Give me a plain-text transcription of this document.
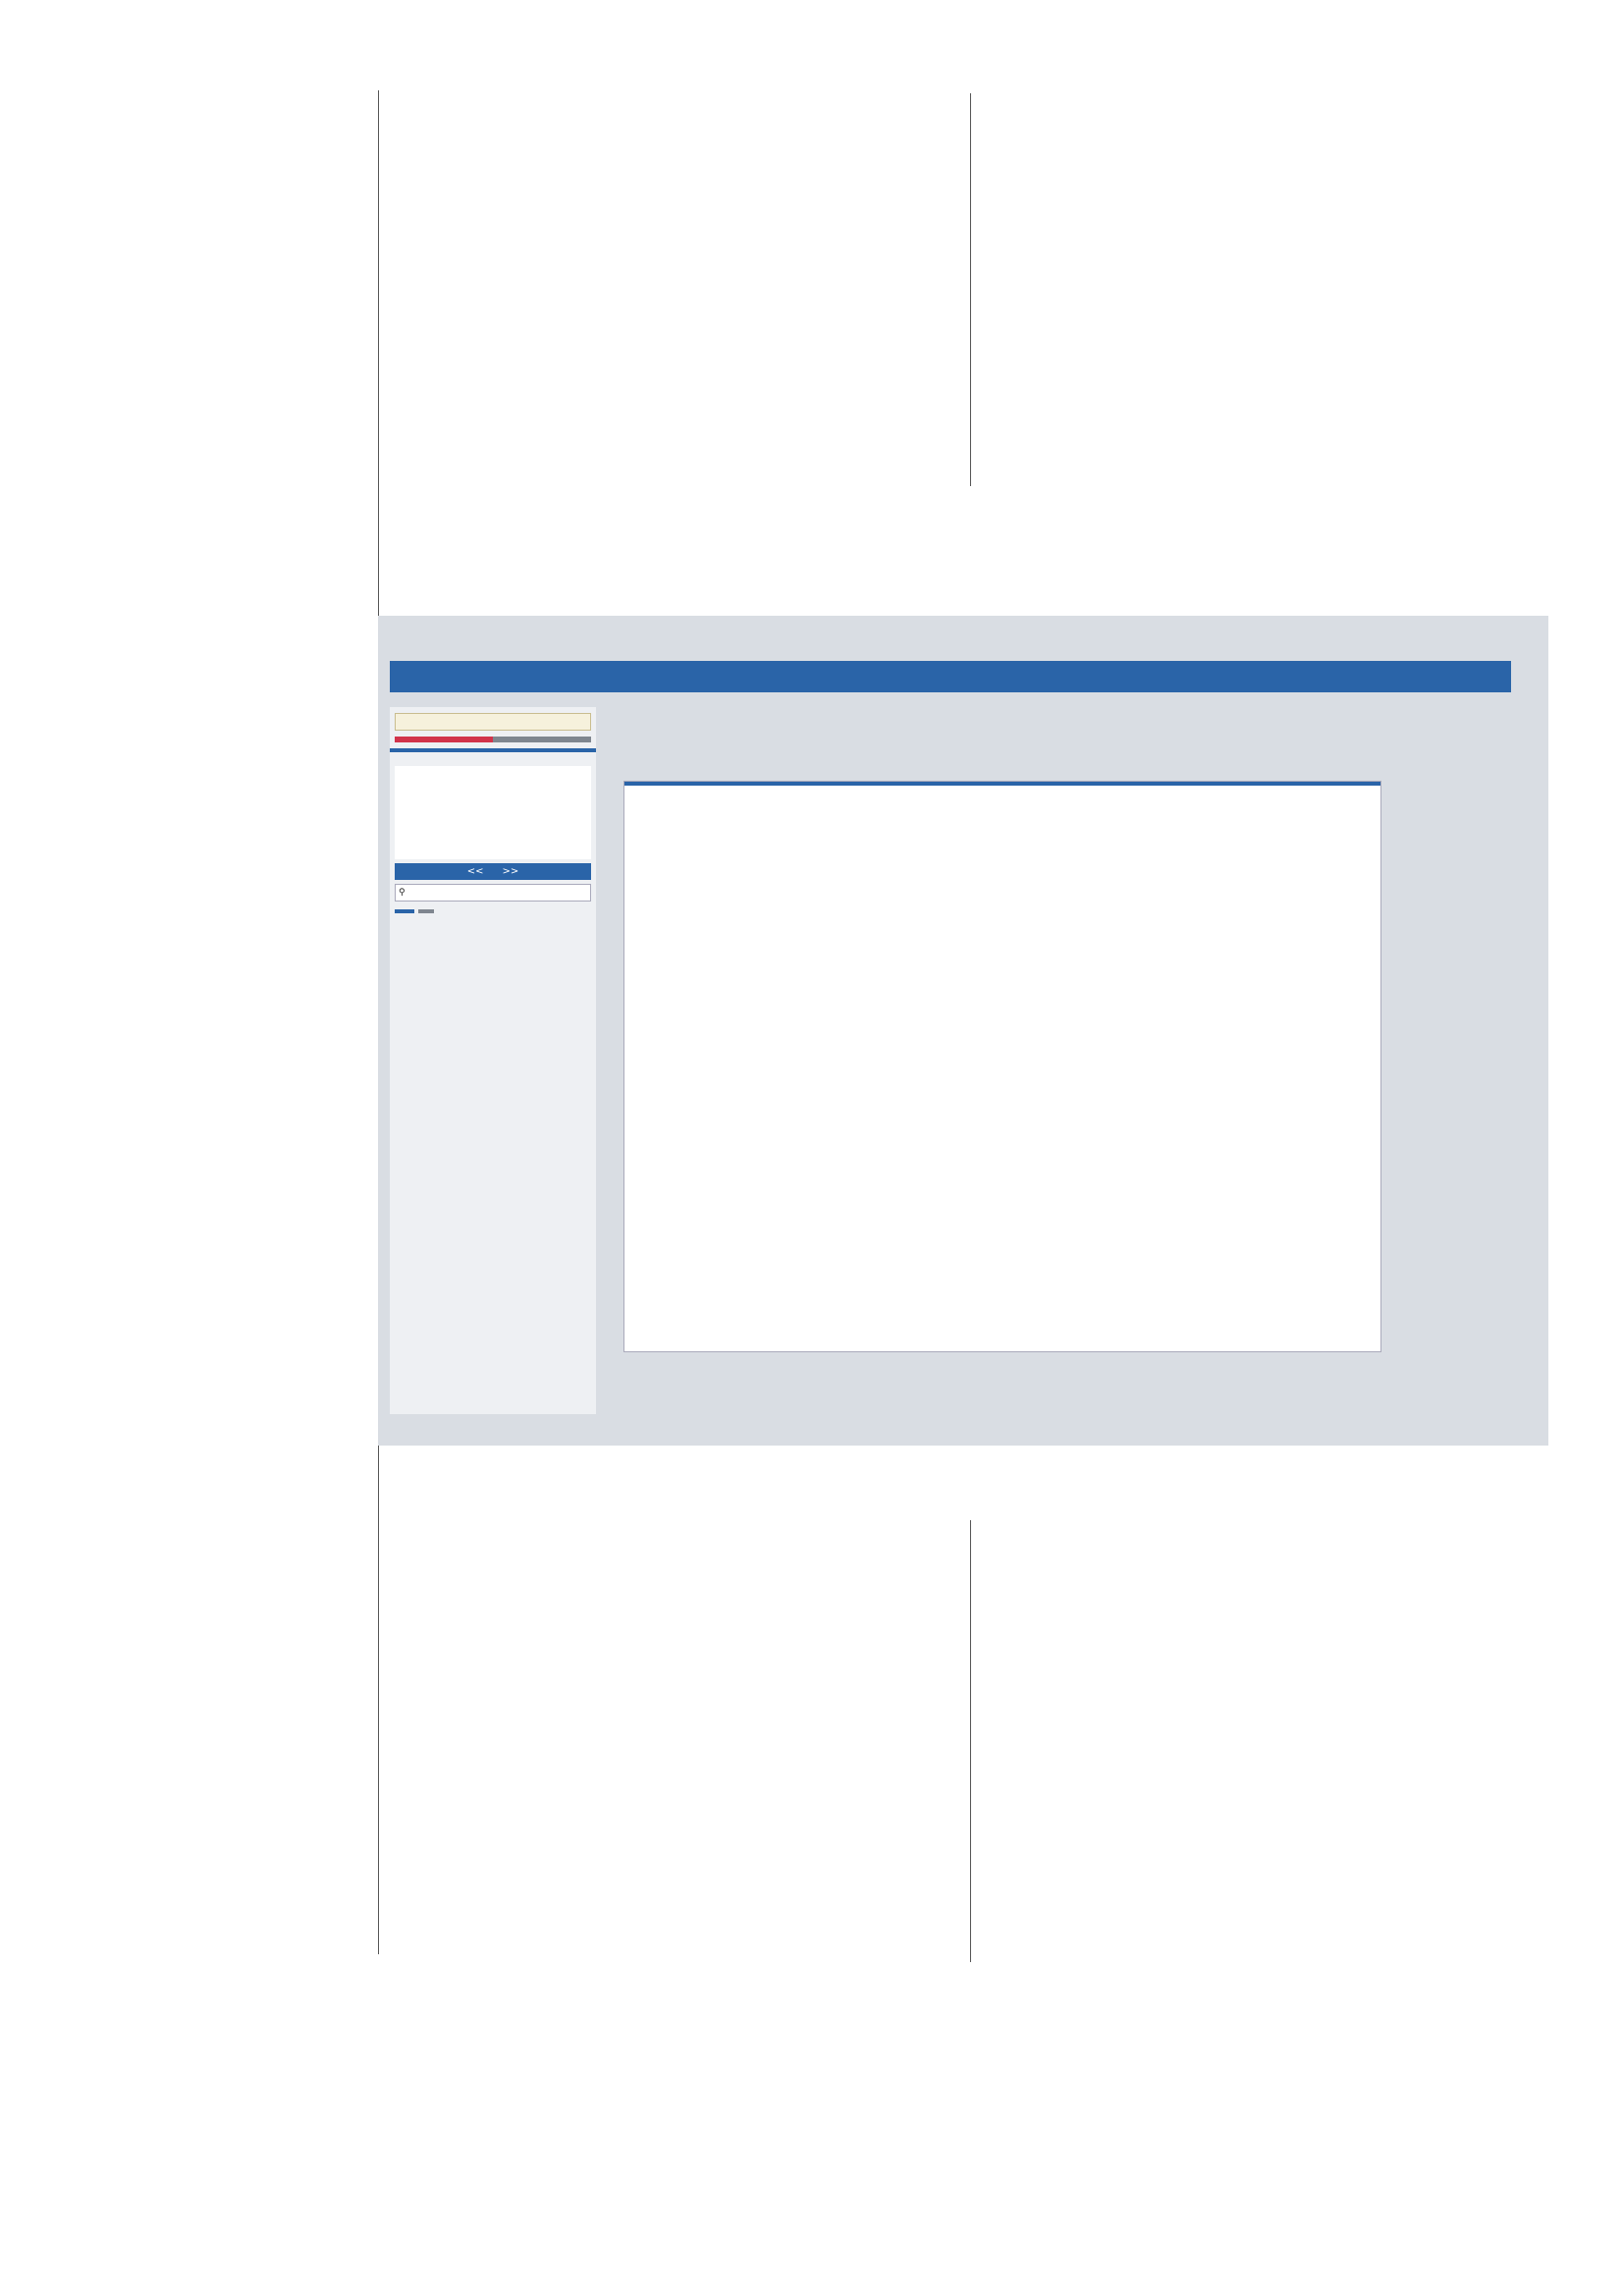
<<      >>
⚲
